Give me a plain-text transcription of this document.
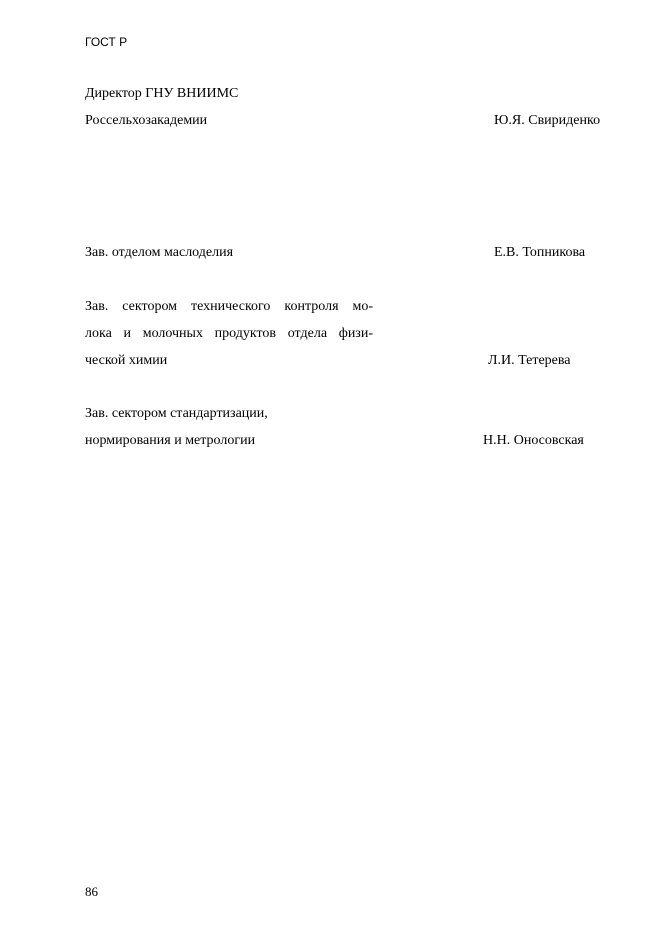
ГОСТ Р
Директор ГНУ ВНИИМС
Россельхозакадемии	Ю.Я. Свириденко
Зав. отделом маслоделия	Е.В. Топникова
Зав. сектором технического контроля мо-
лока и молочных продуктов отдела физи-
ческой химии	Л.И. Тетерева
Зав. сектором стандартизации,
нормирования и метрологии	Н.Н. Оносовская
86
